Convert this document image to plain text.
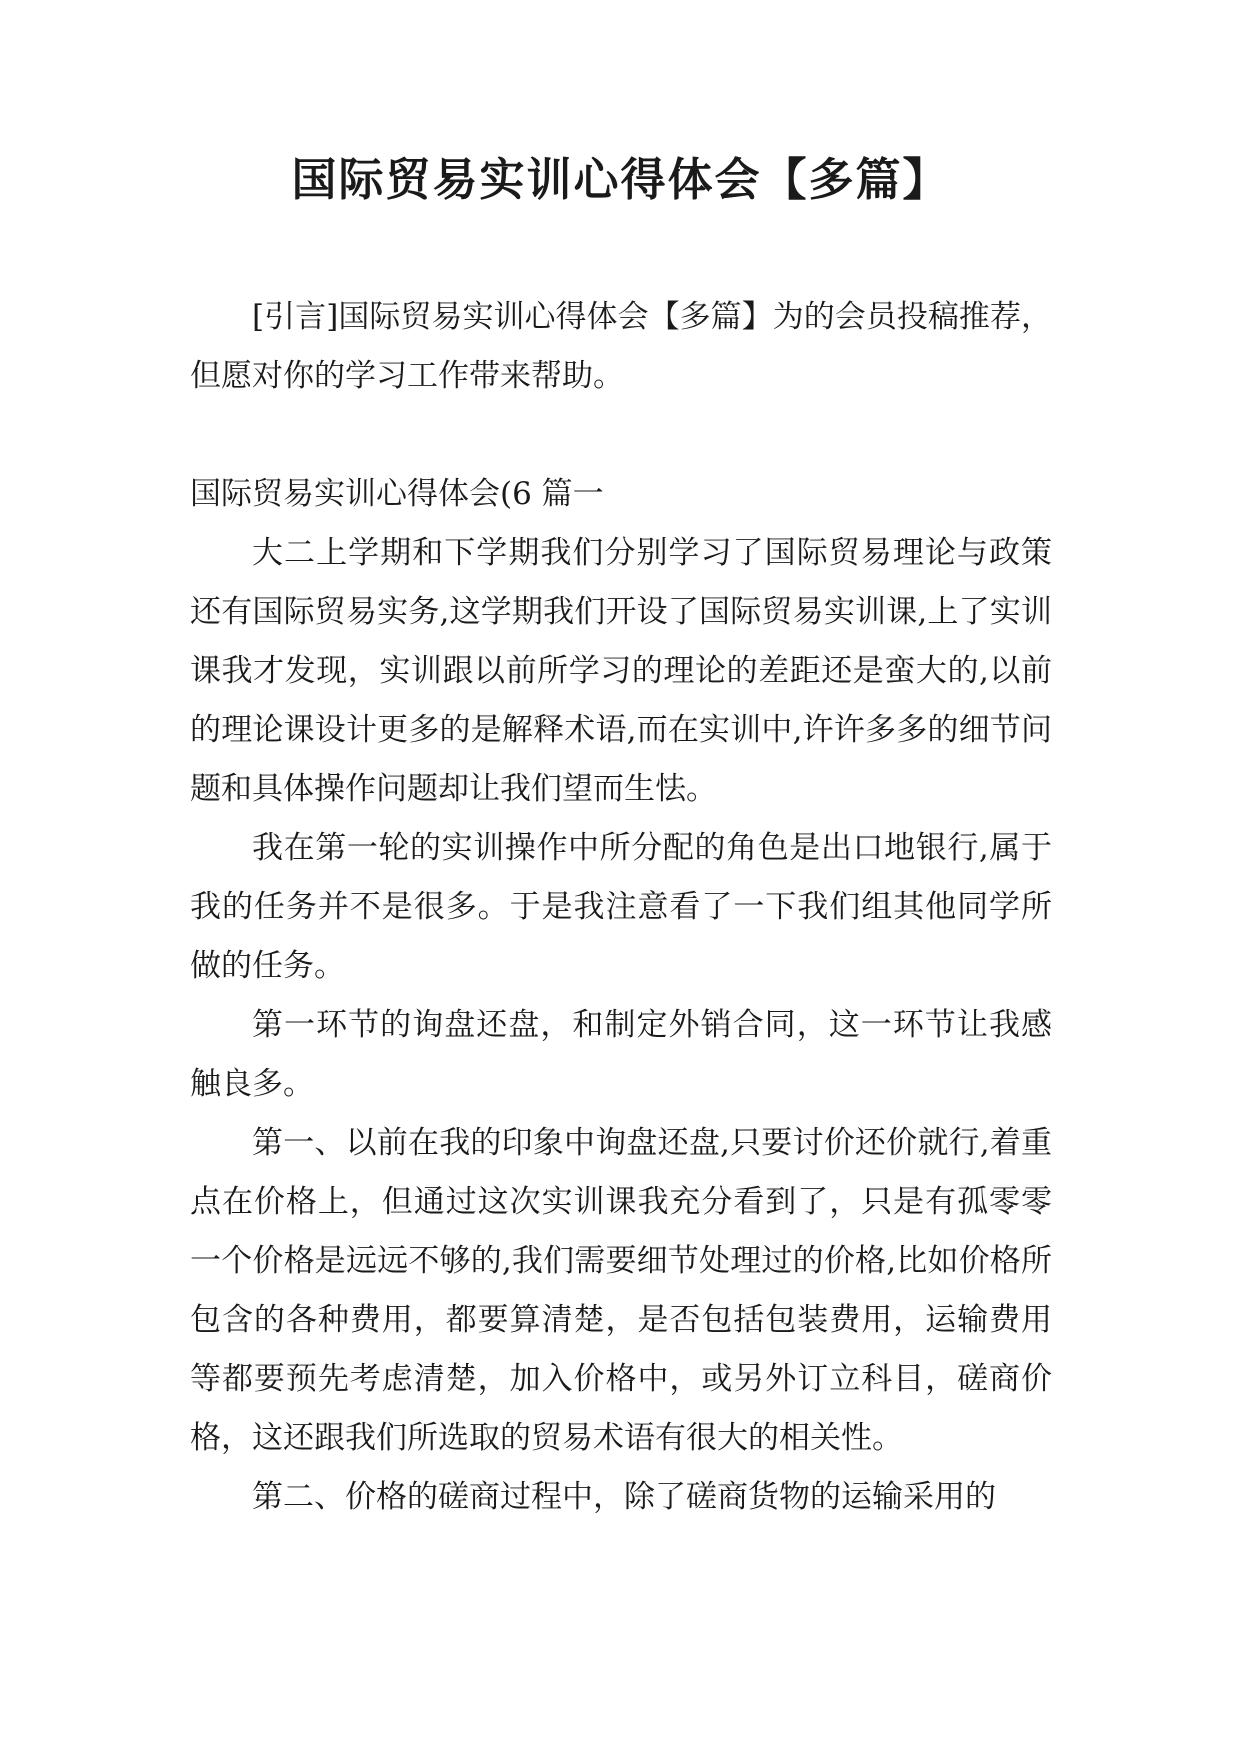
国际贸易实训心得体会【多篇】

[引言]国际贸易实训心得体会【多篇】为的会员投稿推荐，但愿对你的学习工作带来帮助。

国际贸易实训心得体会(6 篇一

大二上学期和下学期我们分别学习了国际贸易理论与政策还有国际贸易实务,这学期我们开设了国际贸易实训课,上了实训课我才发现，实训跟以前所学习的理论的差距还是蛮大的,以前的理论课设计更多的是解释术语,而在实训中,许许多多的细节问题和具体操作问题却让我们望而生怯。

我在第一轮的实训操作中所分配的角色是出口地银行,属于我的任务并不是很多。于是我注意看了一下我们组其他同学所做的任务。

第一环节的询盘还盘，和制定外销合同，这一环节让我感触良多。

第一、以前在我的印象中询盘还盘,只要讨价还价就行,着重点在价格上，但通过这次实训课我充分看到了，只是有孤零零一个价格是远远不够的,我们需要细节处理过的价格,比如价格所包含的各种费用，都要算清楚，是否包括包装费用，运输费用等都要预先考虑清楚，加入价格中，或另外订立科目，磋商价格，这还跟我们所选取的贸易术语有很大的相关性。

第二、价格的磋商过程中，除了磋商货物的运输采用的
